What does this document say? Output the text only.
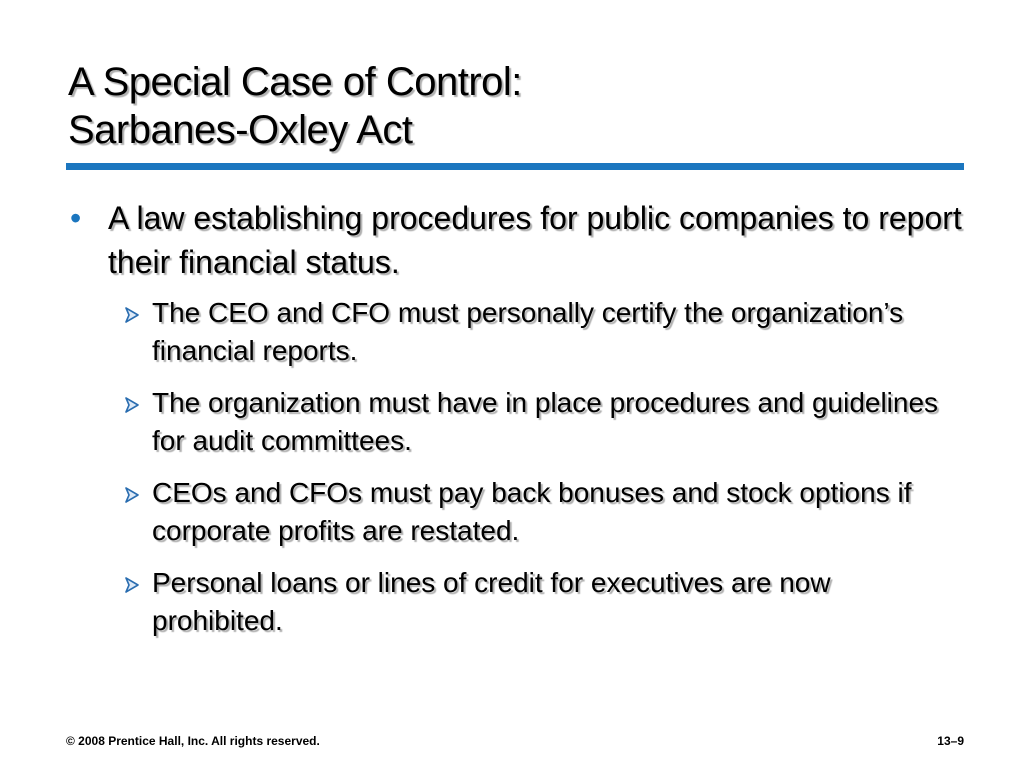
A Special Case of Control:
Sarbanes-Oxley Act
• A law establishing procedures for public companies to report their financial status.
The CEO and CFO must personally certify the organization’s financial reports.
The organization must have in place procedures and guidelines for audit committees.
CEOs and CFOs must pay back bonuses and stock options if corporate profits are restated.
Personal loans or lines of credit for executives are now prohibited.
© 2008 Prentice Hall, Inc. All rights reserved.	13–9
